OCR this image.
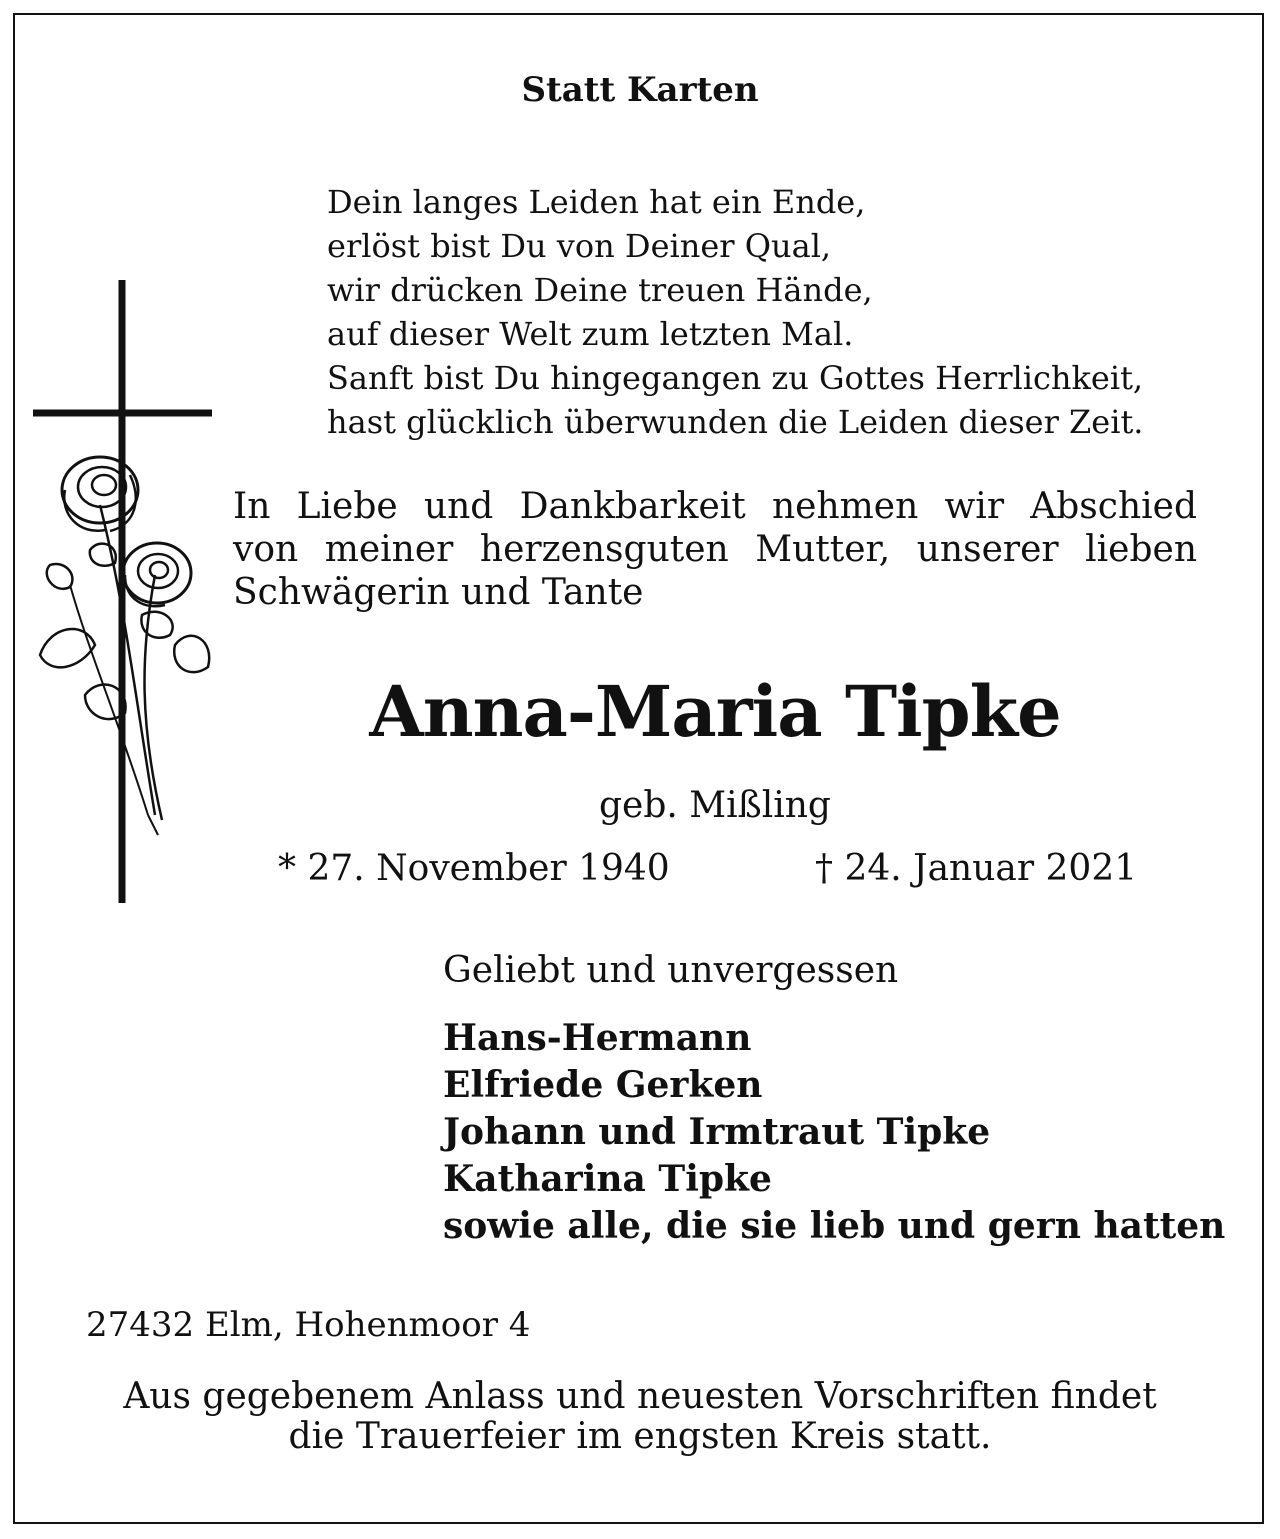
Statt Karten
Dein langes Leiden hat ein Ende,
erlöst bist Du von Deiner Qual,
wir drücken Deine treuen Hände,
auf dieser Welt zum letzten Mal.
Sanft bist Du hingegangen zu Gottes Herrlichkeit,
hast glücklich überwunden die Leiden dieser Zeit.
In Liebe und Dankbarkeit nehmen wir Abschied
von meiner herzensguten Mutter, unserer lieben
Schwägerin und Tante
Anna-Maria Tipke
geb. Mißling
* 27. November 1940	† 24. Januar 2021
Geliebt und unvergessen
Hans-Hermann
Elfriede Gerken
Johann und Irmtraut Tipke
Katharina Tipke
sowie alle, die sie lieb und gern hatten
27432 Elm, Hohenmoor 4
Aus gegebenem Anlass und neuesten Vorschriften findet
die Trauerfeier im engsten Kreis statt.
